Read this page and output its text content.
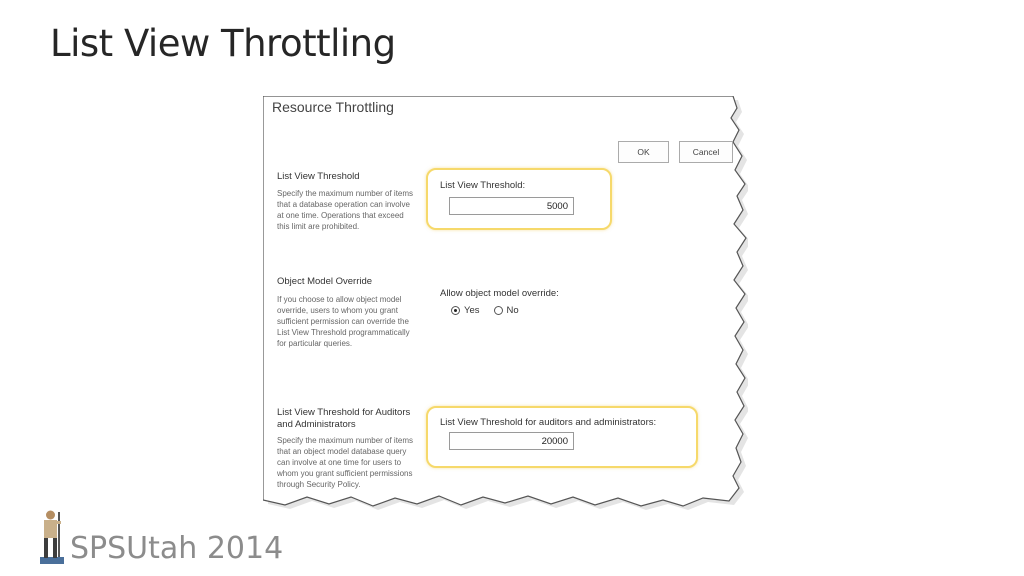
List View Throttling
Resource Throttling
OK	Cancel
List View Threshold
Specify the maximum number of items that a database operation can involve at one time. Operations that exceed this limit are prohibited.
List View Threshold:
5000
Object Model Override
If you choose to allow object model override, users to whom you grant sufficient permission can override the List View Threshold programmatically for particular queries.
Allow object model override:
Yes	No
List View Threshold for Auditors and Administrators
Specify the maximum number of items that an object model database query can involve at one time for users to whom you grant sufficient permissions through Security Policy.
List View Threshold for auditors and administrators:
20000
SPSUtah 2014
